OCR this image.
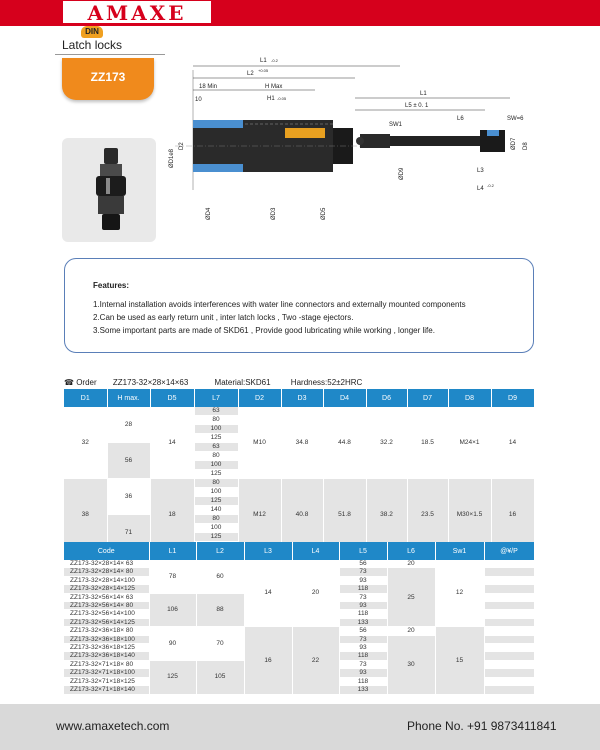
AMAXE
DIN
Latch locks
ZZ173
L1 -0.2
L2
+0.05
18 Min	H Max
10	H1 -0.05
ØD1e8
D2
ØD4	ØD3	ØD5
L1
L5 ± 0. 1
L6
SW1
SW=6
ØD9
ØD7 D8
L3
L4
-0.2
Features:
1.Internal installation avoids interferences with water line connectors and externally mounted components
2.Can be used as early return unit , inter latch locks , Two -stage ejectors.
3.Some important parts are made of SKD61 , Provide good lubricating while working , longer life.
☎ Order ZZ173-32×28×14×63	Material:SKD61	Hardness:52±2HRC
D1	H max.	D5	L7	D2	D3	D4	D6	D7	D8	D9
32	28	14	63	M10	34.8	44.8	32.2	18.5	M24×1	14
			80							
			100							
			125							
	56		63							
			80							
			100							
			125							
38	36	18	80	M12	40.8	51.8	38.2	23.5	M30×1.5	16
			100							
			125							
			140							
	71		80							
			100							
			125							

Code	L1	L2	L3	L4	L5	L6	Sw1	@¥/P
ZZ173-32×28×14× 63	78	60	14	20	56	20	12	
ZZ173-32×28×14× 80					73	25		
ZZ173-32×28×14×100					93			
ZZ173-32×28×14×125					118			
ZZ173-32×56×14× 63	106	88			73			
ZZ173-32×56×14× 80					93			
ZZ173-32×56×14×100					118			
ZZ173-32×56×14×125					133			
ZZ173-32×36×18× 80	90	70	16	22	56	20	15	
ZZ173-32×36×18×100					73	30		
ZZ173-32×36×18×125					93			
ZZ173-32×36×18×140					118			
ZZ173-32×71×18× 80	125	105			73			
ZZ173-32×71×18×100					93			
ZZ173-32×71×18×125					118			
ZZ173-32×71×18×140					133			
www.amaxetech.com	Phone No. +91 9873411841
